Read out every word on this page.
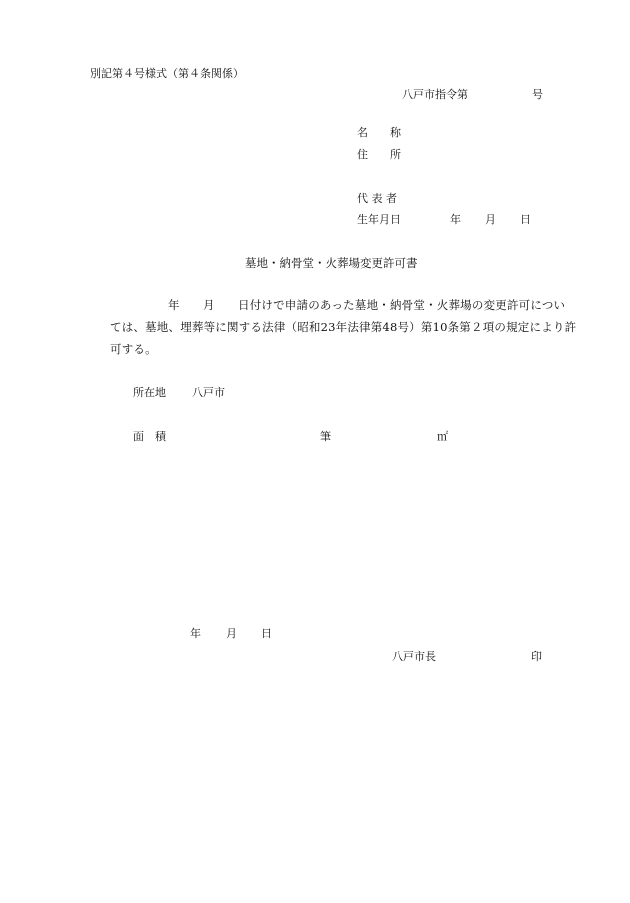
別記第４号様式（第４条関係）
八戸市指令第	号
名　　称
住　　所
代 表 者
生年月日	年 月 日
墓地・納骨堂・火葬場変更許可書
年 月 日付けで申請のあった墓地・納骨堂・火葬場の変更許可につい
ては、墓地、埋葬等に関する法律（昭和23年法律第48号）第10条第２項の規定により許
可する。
所在地 八戸市
面　積	筆	㎡
年 月 日
八戸市長	印
